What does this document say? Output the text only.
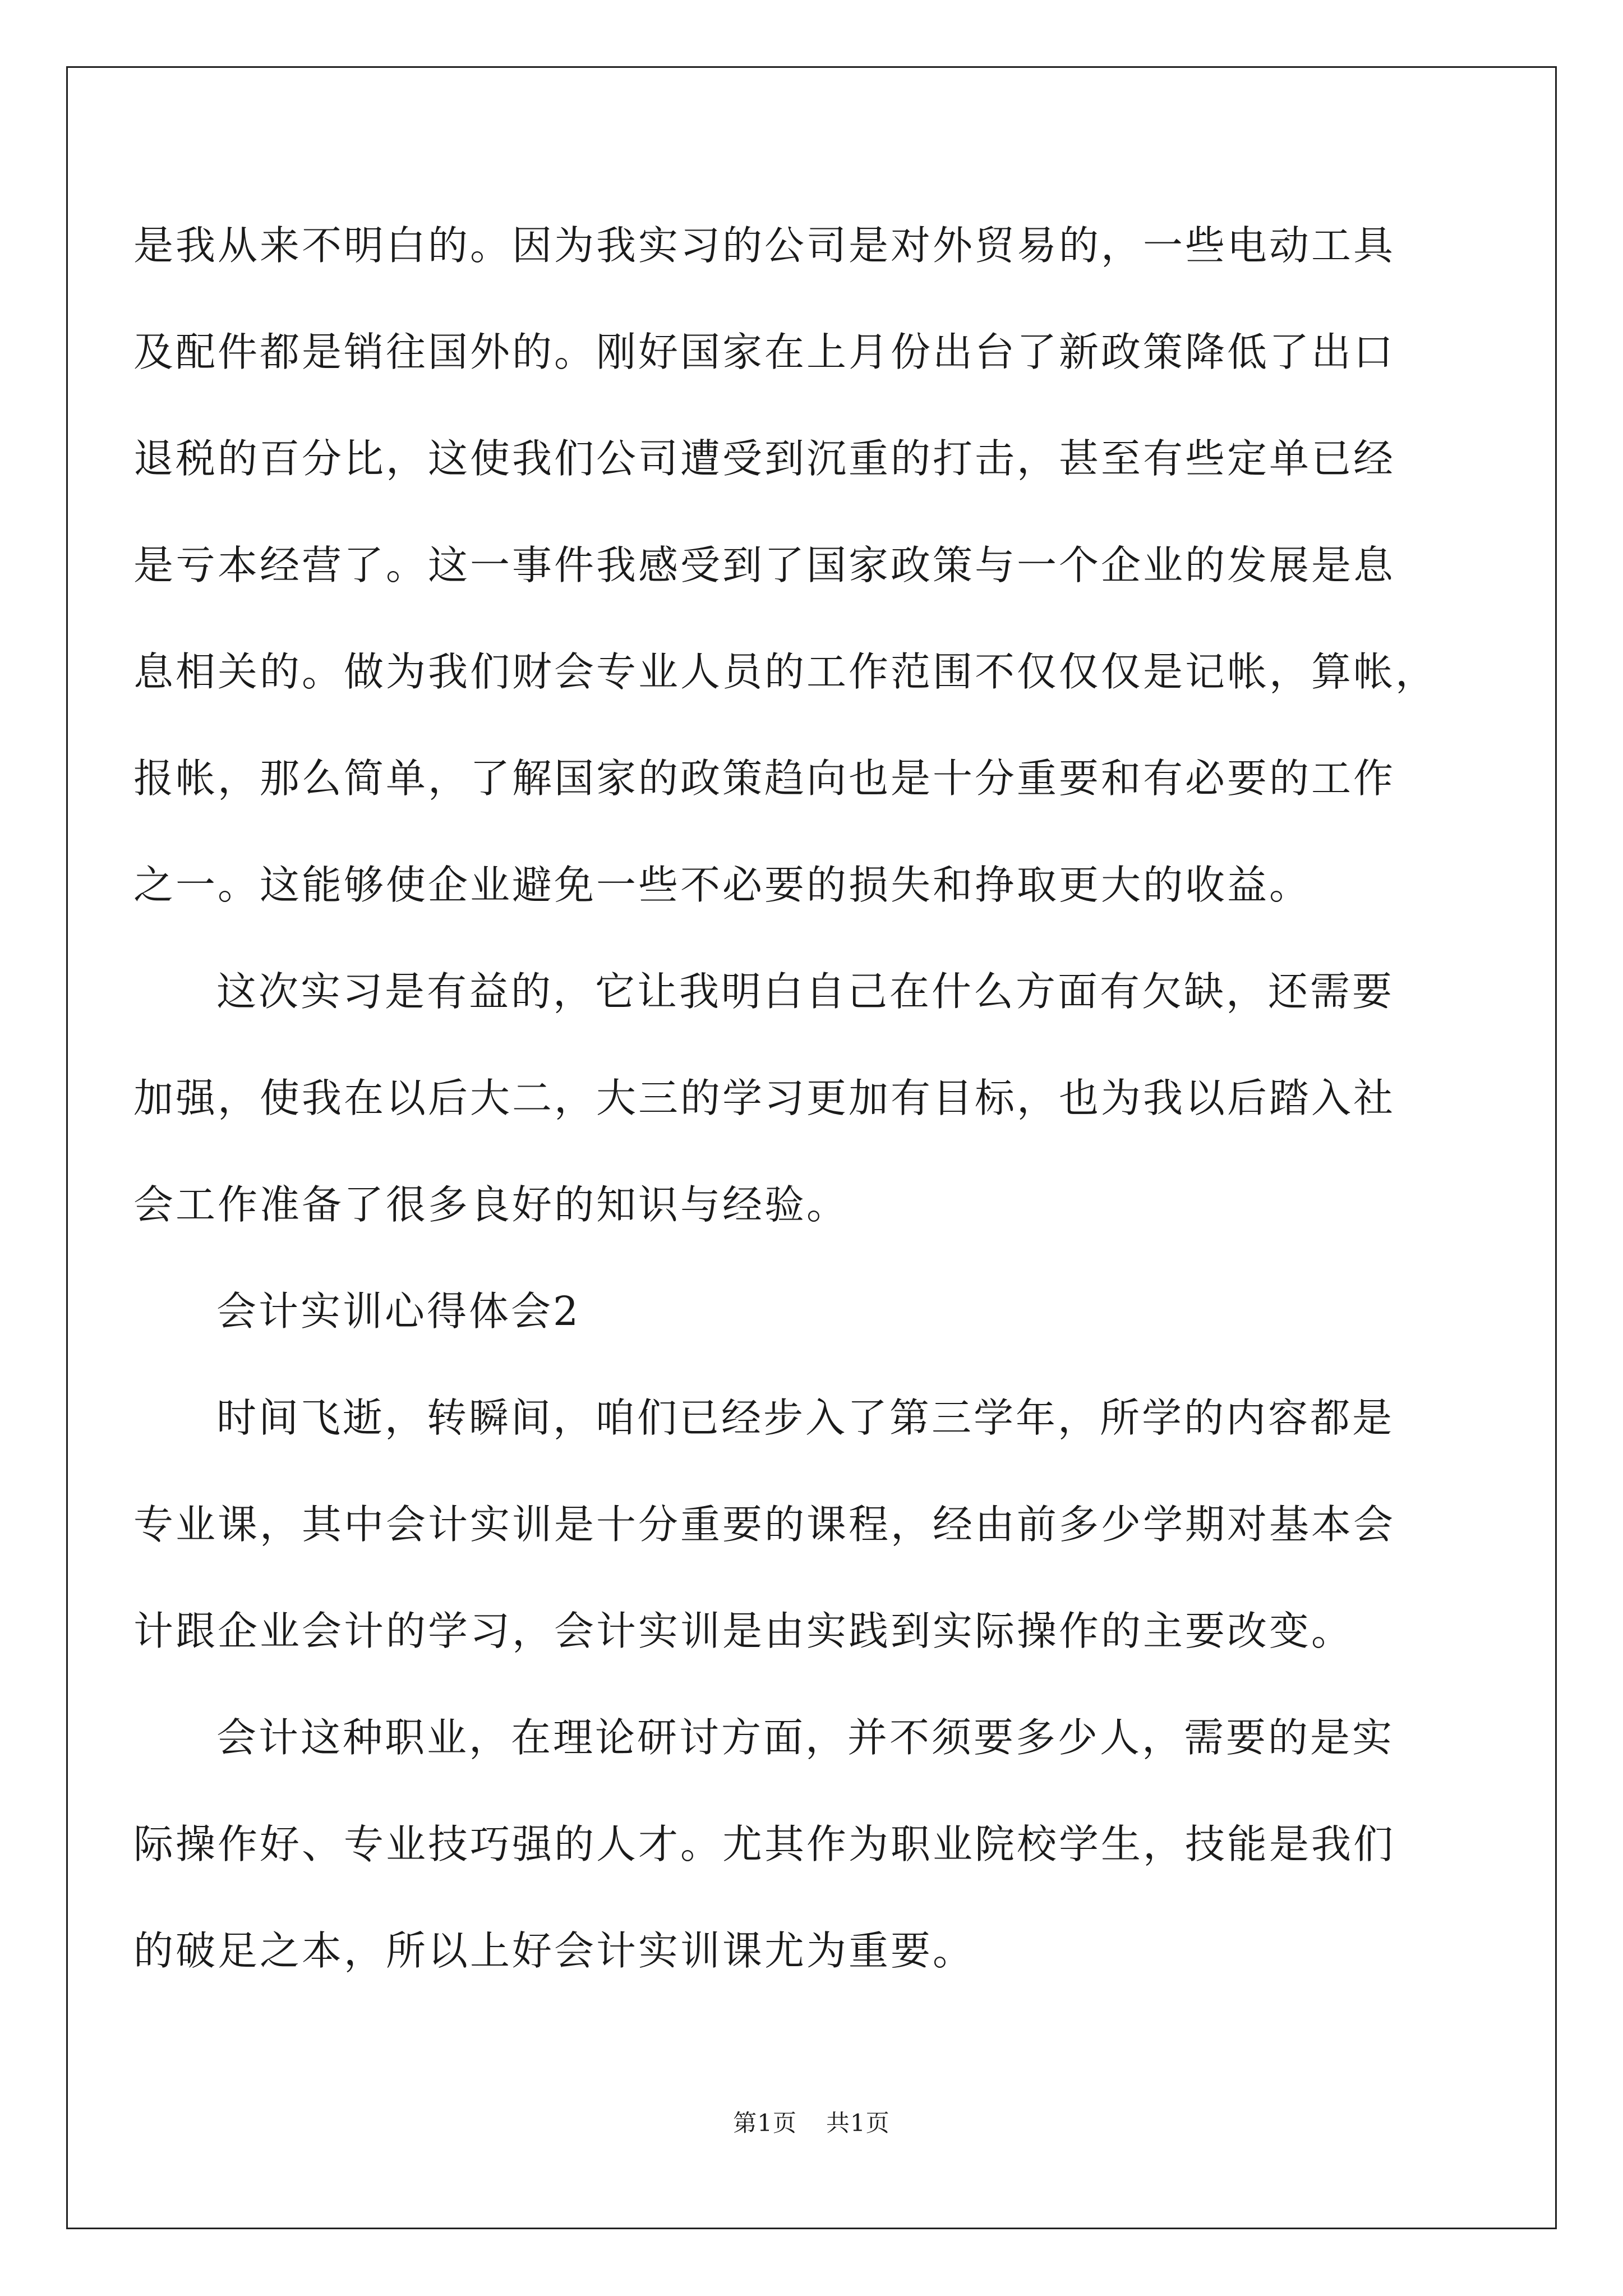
是我从来不明白的。因为我实习的公司是对外贸易的，一些电动工具
及配件都是销往国外的。刚好国家在上月份出台了新政策降低了出口
退税的百分比，这使我们公司遭受到沉重的打击，甚至有些定单已经
是亏本经营了。这一事件我感受到了国家政策与一个企业的发展是息
息相关的。做为我们财会专业人员的工作范围不仅仅仅是记帐，算帐，
报帐，那么简单，了解国家的政策趋向也是十分重要和有必要的工作
之一。这能够使企业避免一些不必要的损失和挣取更大的收益。
这次实习是有益的，它让我明白自己在什么方面有欠缺，还需要
加强，使我在以后大二，大三的学习更加有目标，也为我以后踏入社
会工作准备了很多良好的知识与经验。
会计实训心得体会2
时间飞逝，转瞬间，咱们已经步入了第三学年，所学的内容都是
专业课，其中会计实训是十分重要的课程，经由前多少学期对基本会
计跟企业会计的学习，会计实训是由实践到实际操作的主要改变。
会计这种职业，在理论研讨方面，并不须要多少人，需要的是实
际操作好、专业技巧强的人才。尤其作为职业院校学生，技能是我们
的破足之本，所以上好会计实训课尤为重要。
第1页 共1页
